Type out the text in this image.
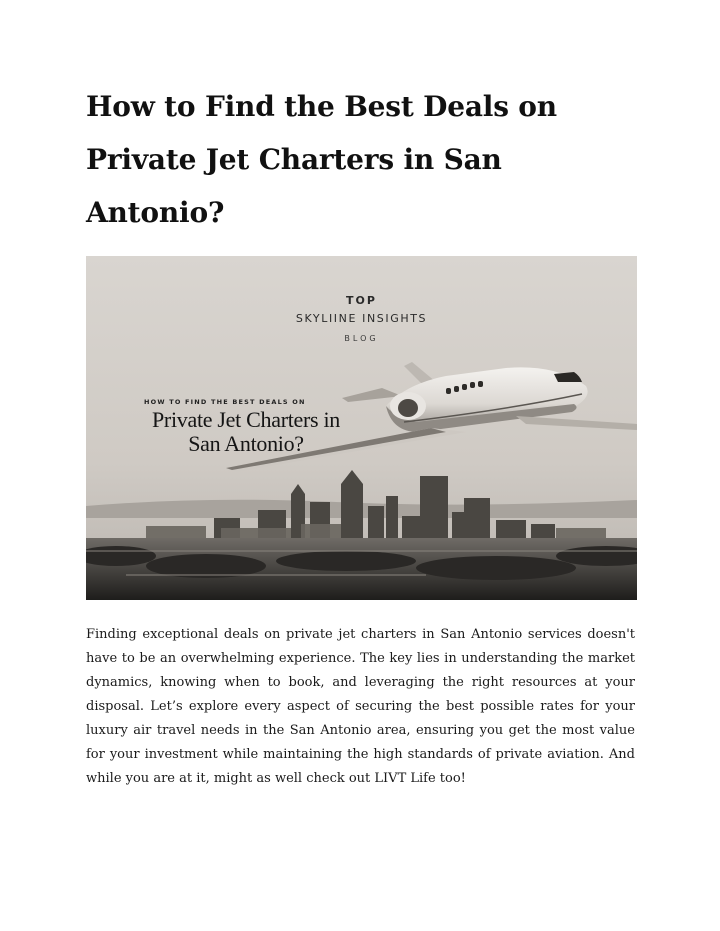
How to Find the Best Deals on Private Jet Charters in San Antonio?
TOP
SKYLIINE INSIGHTS
BLOG
HOW TO FIND THE BEST DEALS ON
Private Jet Charters in San Antonio?

Finding exceptional deals on private jet charters in San Antonio services doesn't have to be an overwhelming experience. The key lies in understanding the market dynamics, knowing when to book, and leveraging the right resources at your disposal. Let’s explore every aspect of securing the best possible rates for your luxury air travel needs in the San Antonio area, ensuring you get the most value for your investment while maintaining the high standards of private aviation. And while you are at it, might as well check out LIVT Life too!
